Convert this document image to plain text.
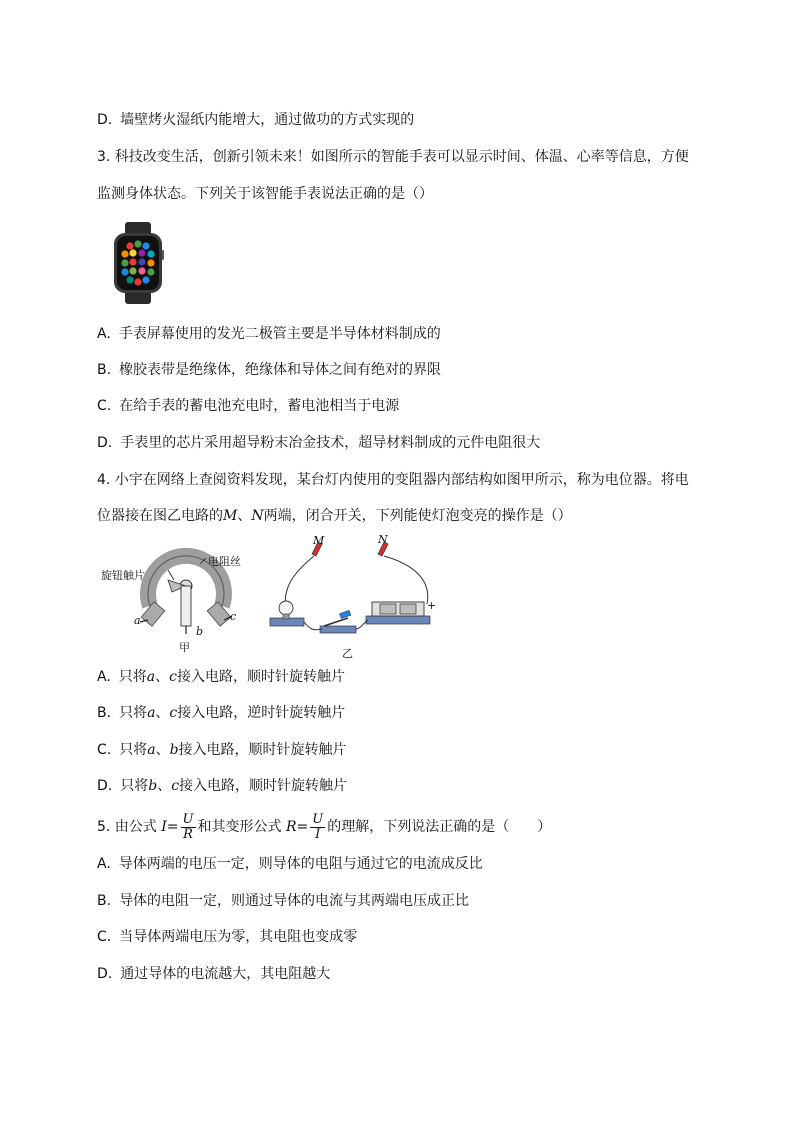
D. 墙壁烤火湿纸内能增大，通过做功的方式实现的
3. 科技改变生活，创新引领未来！如图所示的智能手表可以显示时间、体温、心率等信息，方便
监测身体状态。下列关于该智能手表说法正确的是（）
A. 手表屏幕使用的发光二极管主要是半导体材料制成的
B. 橡胶表带是绝缘体，绝缘体和导体之间有绝对的界限
C. 在给手表的蓄电池充电时，蓄电池相当于电源
D. 手表里的芯片采用超导粉末冶金技术，超导材料制成的元件电阻很大
4. 小宇在网络上查阅资料发现，某台灯内使用的变阻器内部结构如图甲所示，称为电位器。将电
位器接在图乙电路的M、N两端，闭合开关，下列能使灯泡变亮的操作是（）
旋钮触片
电阻丝
a
b
c
甲
M	N
+
乙
A. 只将a、c接入电路，顺时针旋转触片
B. 只将a、c接入电路，逆时针旋转触片
C. 只将a、b接入电路，顺时针旋转触片
D. 只将b、c接入电路，顺时针旋转触片
5. 由公式 $I= \frac{U}{R}$ 和其变形公式 $R= \frac{U}{I}$ 的理解，下列说法正确的是（　　）
A. 导体两端的电压一定，则导体的电阻与通过它的电流成反比
B. 导体的电阻一定，则通过导体的电流与其两端电压成正比
C. 当导体两端电压为零，其电阻也变成零
D. 通过导体的电流越大，其电阻越大
